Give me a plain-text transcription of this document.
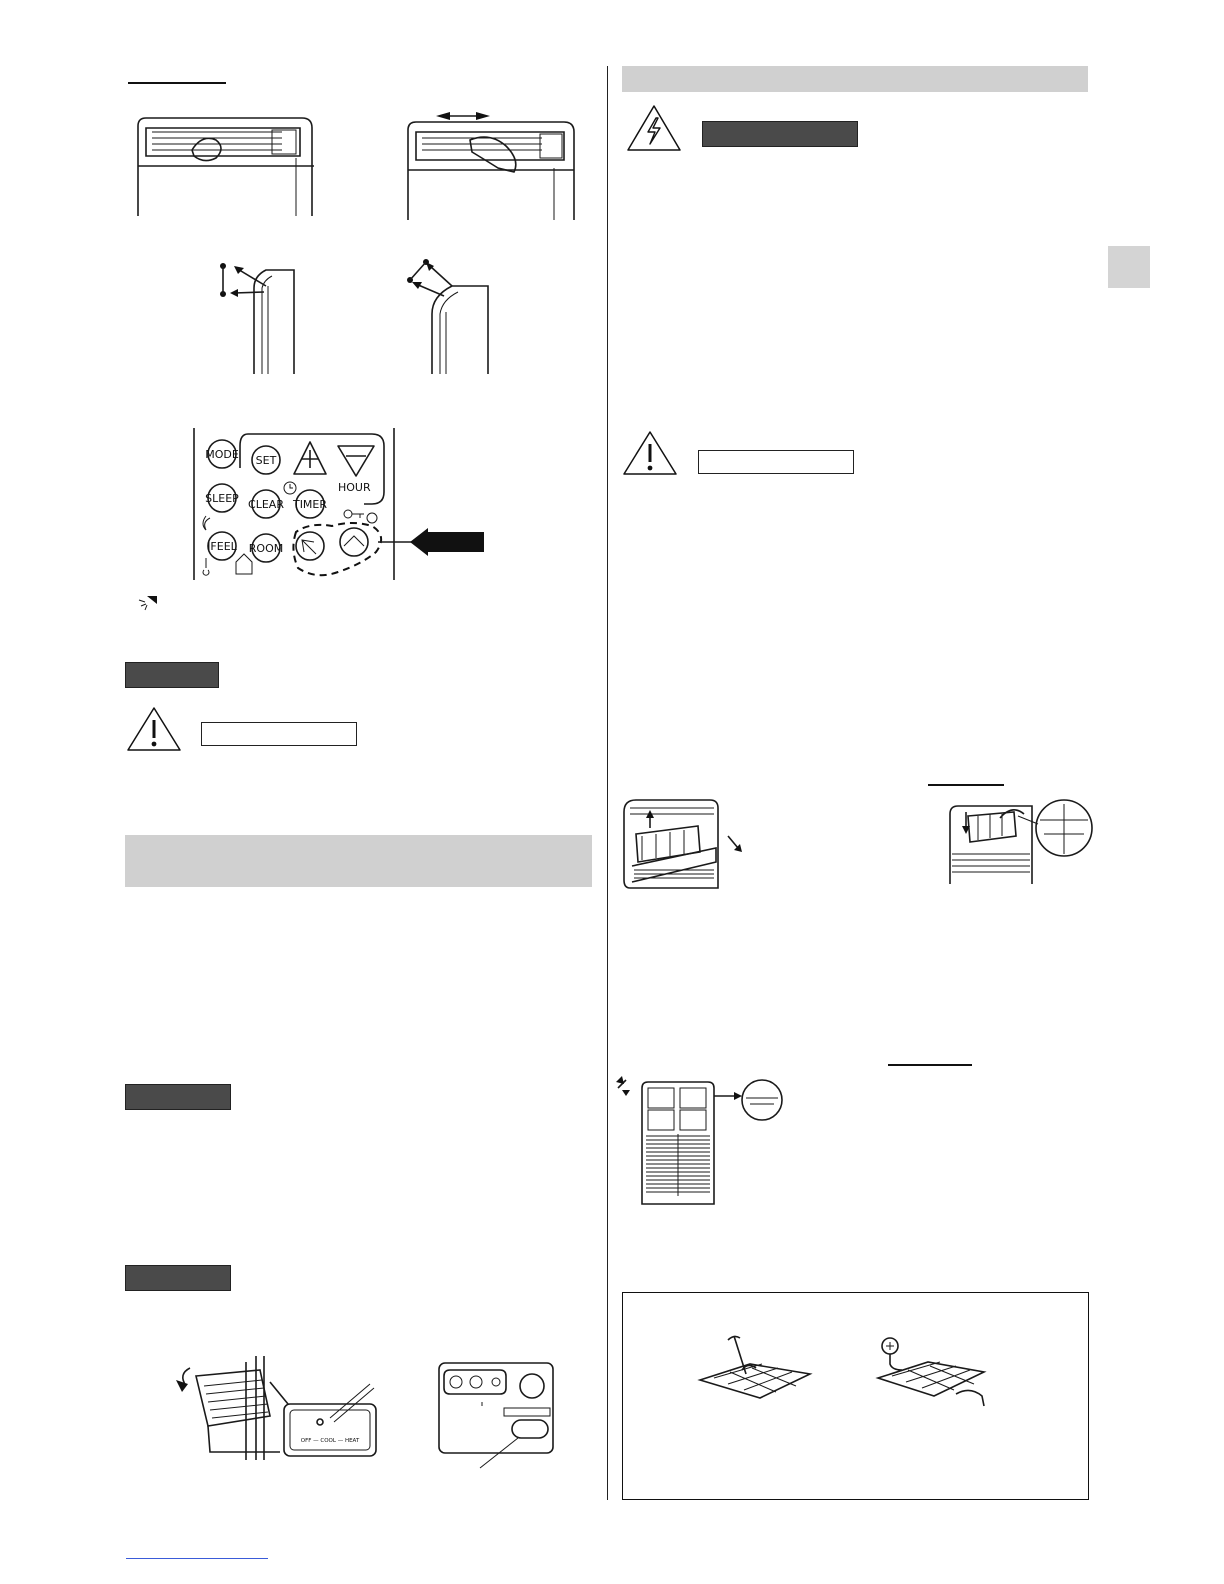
MODE SET
HOUR
SLEEP CLEAR TIMER
IFEEL ROOM
OFF — COOL — HEAT
